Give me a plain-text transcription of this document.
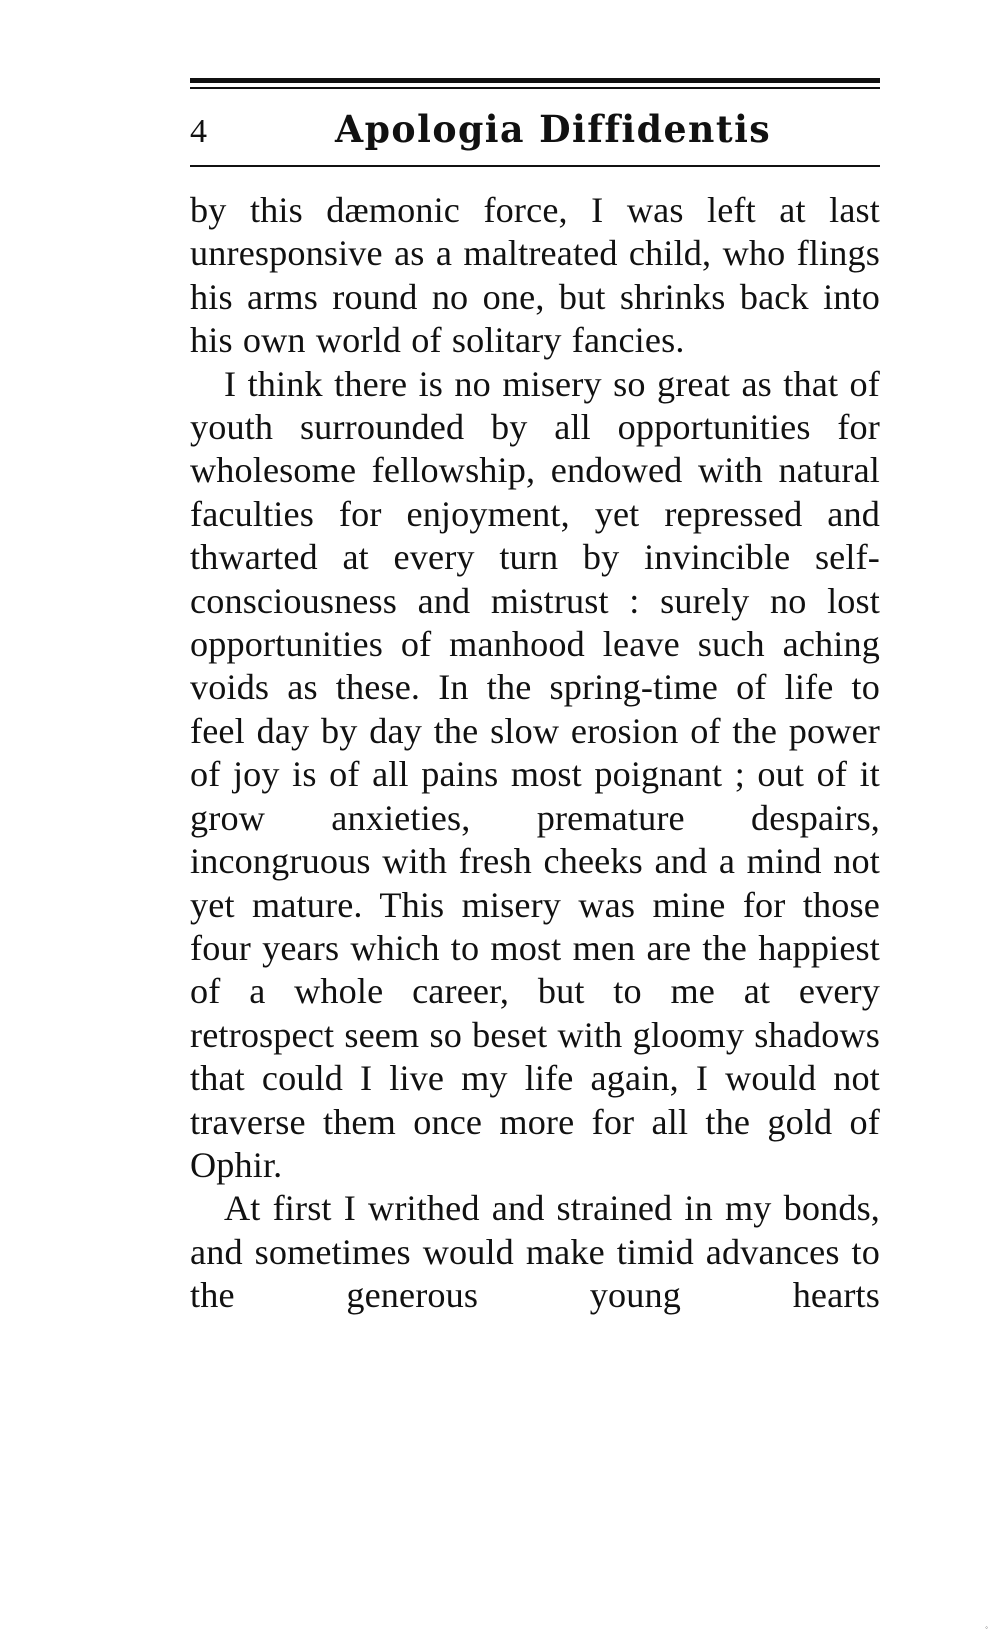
4	Apologia Diffidentis

by this dæmonic force, I was left at last unresponsive as a maltreated child, who flings his arms round no one, but shrinks back into his own world of solitary fancies.

I think there is no misery so great as that of youth surrounded by all opportunities for wholesome fellowship, endowed with natural faculties for enjoyment, yet repressed and thwarted at every turn by invincible self-consciousness and mistrust : surely no lost opportunities of manhood leave such aching voids as these. In the spring-time of life to feel day by day the slow erosion of the power of joy is of all pains most poignant ; out of it grow anxieties, premature despairs, incongruous with fresh cheeks and a mind not yet mature. This misery was mine for those four years which to most men are the happiest of a whole career, but to me at every retrospect seem so beset with gloomy shadows that could I live my life again, I would not traverse them once more for all the gold of Ophir.

At first I writhed and strained in my bonds, and sometimes would make timid advances to the generous young hearts

◦
